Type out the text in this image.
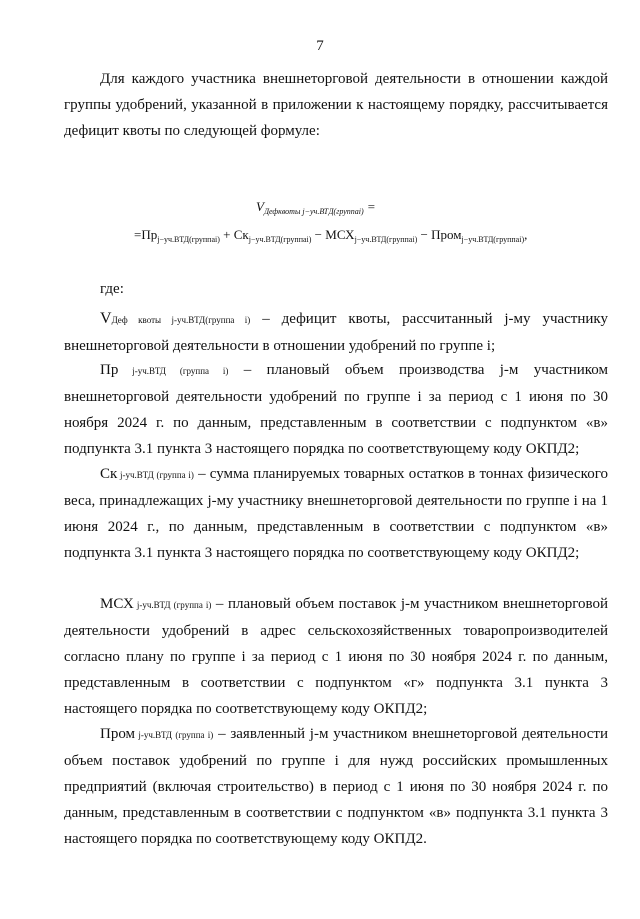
7
Для каждого участника внешнеторговой деятельности в отношении каждой группы удобрений, указанной в приложении к настоящему порядку, рассчитывается дефицит квоты по следующей формуле:
$V_{Дефквоты j-уч.ВТД(группаi)}$ =
$=Пр_{j-уч.ВТД(группаi)} + Ск_{j-уч.ВТД(группаi)} - МСХ_{j-уч.ВТД(группаi)}$ − Пром$_{j-уч.ВТД(группаi)}$,
где:
VДеф квоты j-уч.ВТД(группа i) – дефицит квоты, рассчитанный j-му участнику внешнеторговой деятельности в отношении удобрений по группе i;
Пр j-уч.ВТД (группа i) – плановый объем производства j-м участником внешнеторговой деятельности удобрений по группе i за период с 1 июня по 30 ноября 2024 г. по данным, представленным в соответствии с подпунктом «в» подпункта 3.1 пункта 3 настоящего порядка по соответствующему коду ОКПД2;
Ск j-уч.ВТД (группа i) – сумма планируемых товарных остатков в тоннах физического веса, принадлежащих j-му участнику внешнеторговой деятельности по группе i на 1 июня 2024 г., по данным, представленным в соответствии с подпунктом «в» подпункта 3.1 пункта 3 настоящего порядка по соответствующему коду ОКПД2;
МСХ j-уч.ВТД (группа i) – плановый объем поставок j-м участником внешнеторговой деятельности удобрений в адрес сельскохозяйственных товаропроизводителей согласно плану по группе i за период с 1 июня по 30 ноября 2024 г. по данным, представленным в соответствии с подпунктом «г» подпункта 3.1 пункта 3 настоящего порядка по соответствующему коду ОКПД2;
Пром j-уч.ВТД (группа i) – заявленный j-м участником внешнеторговой деятельности объем поставок удобрений по группе i для нужд российских промышленных предприятий (включая строительство) в период с 1 июня по 30 ноября 2024 г. по данным, представленным в соответствии с подпунктом «в» подпункта 3.1 пункта 3 настоящего порядка по соответствующему коду ОКПД2.
